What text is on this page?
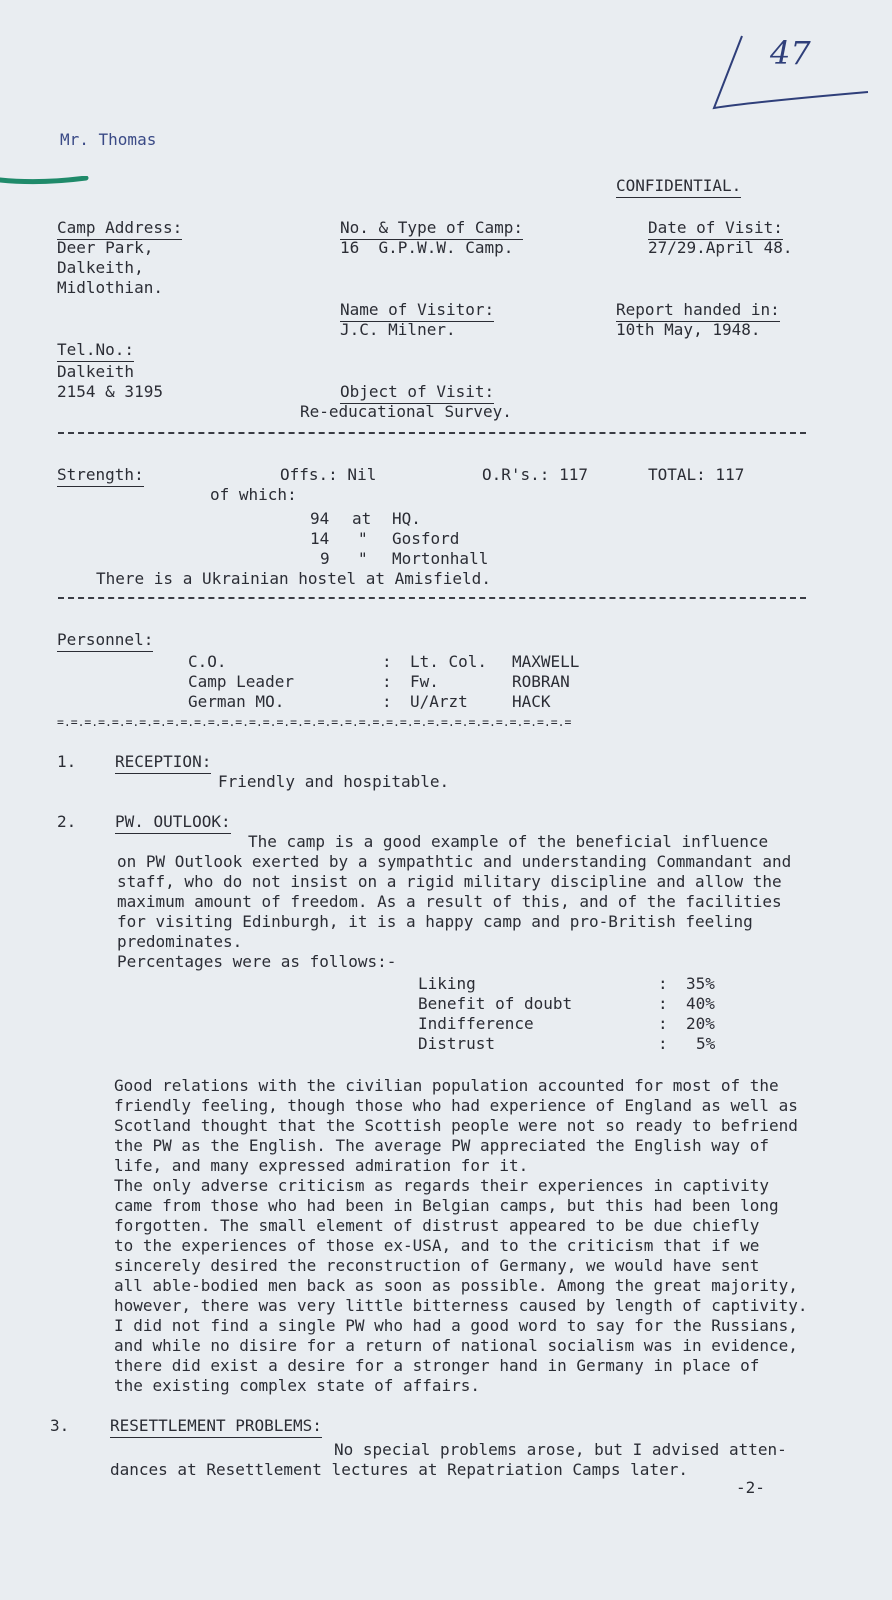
47
Mr. Thomas
CONFIDENTIAL.
Camp Address:
Deer Park,
Dalkeith,
Midlothian.
No. & Type of Camp:
16  G.P.W.W. Camp.
Date of Visit:
27/29.April 48.
Name of Visitor:
J.C. Milner.
Report handed in:
10th May, 1948.
Tel.No.:
Dalkeith
2154 & 3195	Object of Visit:
Re-educational Survey.
Strength:	Offs.: Nil	O.R's.: 117	TOTAL: 117
of which:
94 at HQ.
14 " Gosford
9 " Mortonhall
There is a Ukrainian hostel at Amisfield.
Personnel:
C.O.	: Lt. Col. MAXWELL
Camp Leader	: Fw.	ROBRAN
German MO.	: U/Arzt	HACK
=.=.=.=.=.=.=.=.=.=.=.=.=.=.=.=.=.=.=.=.=.=.=.=.=.=.=.=.=.=.=.=.=.=.=.=.=.=
1. RECEPTION:
Friendly and hospitable.
2. PW. OUTLOOK:
The camp is a good example of the beneficial influence
on PW Outlook exerted by a sympathtic and understanding Commandant and
staff, who do not insist on a rigid military discipline and allow the
maximum amount of freedom. As a result of this, and of the facilities
for visiting Edinburgh, it is a happy camp and pro-British feeling
predominates.
Percentages were as follows:-
Liking	: 35%
Benefit of doubt	: 40%
Indifference	: 20%
Distrust	: 5%
Good relations with the civilian population accounted for most of the
friendly feeling, though those who had experience of England as well as
Scotland thought that the Scottish people were not so ready to befriend
the PW as the English. The average PW appreciated the English way of
life, and many expressed admiration for it.
The only adverse criticism as regards their experiences in captivity
came from those who had been in Belgian camps, but this had been long
forgotten. The small element of distrust appeared to be due chiefly
to the experiences of those ex-USA, and to the criticism that if we
sincerely desired the reconstruction of Germany, we would have sent
all able-bodied men back as soon as possible. Among the great majority,
however, there was very little bitterness caused by length of captivity.
I did not find a single PW who had a good word to say for the Russians,
and while no disire for a return of national socialism was in evidence,
there did exist a desire for a stronger hand in Germany in place of
the existing complex state of affairs.
3.	RESETTLEMENT PROBLEMS:
No special problems arose, but I advised atten-
dances at Resettlement lectures at Repatriation Camps later.
-2-
